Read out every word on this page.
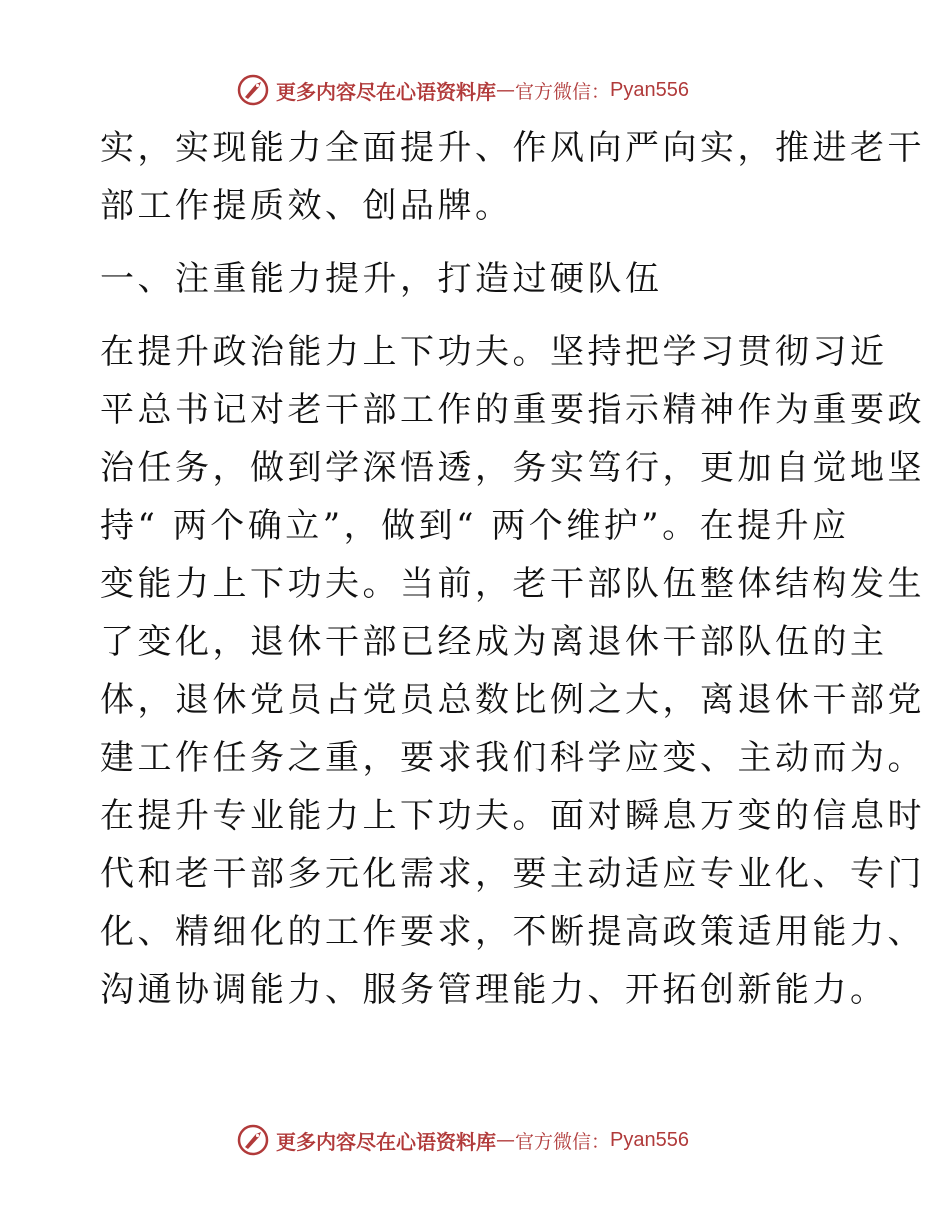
更多内容尽在心语资料库 — 官方微信： Pyan556
实，实现能力全面提升、作风向严向实，推进老干
部工作提质效、创品牌。
一、注重能力提升，打造过硬队伍
在提升政治能力上下功夫。坚持把学习贯彻习近
平总书记对老干部工作的重要指示精神作为重要政
治任务，做到学深悟透，务实笃行，更加自觉地坚
持“ 两个确立”，做到“ 两个维护”。在提升应
变能力上下功夫。当前，老干部队伍整体结构发生
了变化，退休干部已经成为离退休干部队伍的主
体，退休党员占党员总数比例之大，离退休干部党
建工作任务之重，要求我们科学应变、主动而为。
在提升专业能力上下功夫。面对瞬息万变的信息时
代和老干部多元化需求，要主动适应专业化、专门
化、精细化的工作要求，不断提高政策适用能力、
沟通协调能力、服务管理能力、开拓创新能力。
更多内容尽在心语资料库 — 官方微信： Pyan556
